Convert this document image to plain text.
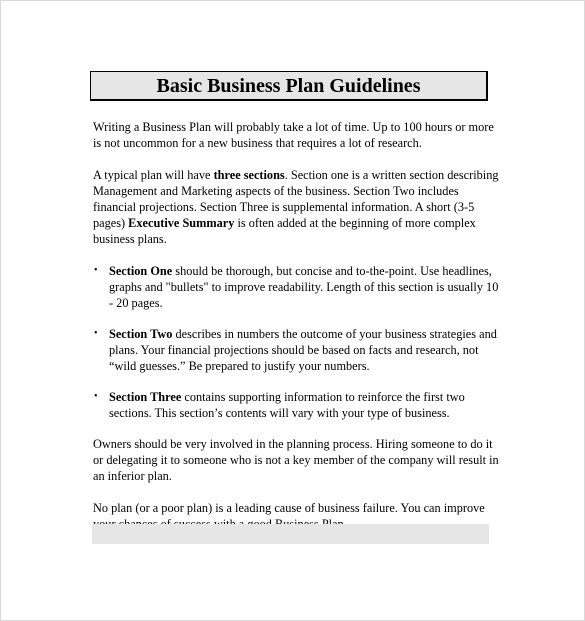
Basic Business Plan Guidelines

Writing a Business Plan will probably take a lot of time. Up to 100 hours or more is not uncommon for a new business that requires a lot of research.

A typical plan will have three sections. Section one is a written section describing Management and Marketing aspects of the business. Section Two includes financial projections. Section Three is supplemental information. A short (3-5 pages) Executive Summary is often added at the beginning of more complex business plans.

• Section One should be thorough, but concise and to-the-point. Use headlines, graphs and "bullets" to improve readability. Length of this section is usually 10 - 20 pages.
• Section Two describes in numbers the outcome of your business strategies and plans. Your financial projections should be based on facts and research, not “wild guesses.” Be prepared to justify your numbers.
• Section Three contains supporting information to reinforce the first two sections. This section’s contents will vary with your type of business.

Owners should be very involved in the planning process. Hiring someone to do it or delegating it to someone who is not a key member of the company will result in an inferior plan.

No plan (or a poor plan) is a leading cause of business failure. You can improve
